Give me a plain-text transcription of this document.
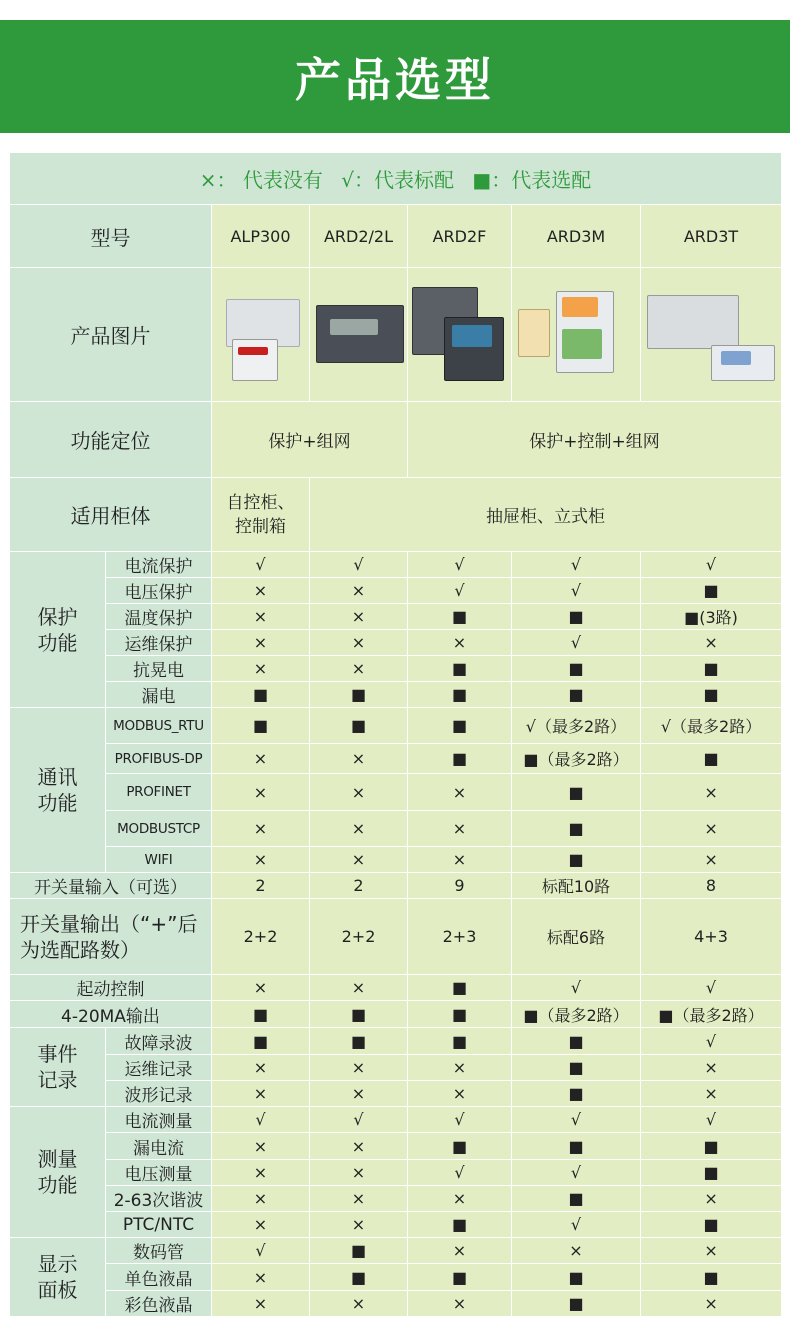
产品选型
×： 代表没有 √：代表标配 ■：代表选配						
型号		ALP300	ARD2/2L	ARD2F	ARD3M	ARD3T
产品图片		

功能定位		保护+组网		保护+控制+组网		
适用柜体		自控柜、控制箱	抽屉柜、立式柜			
保护功能	电流保护	√	√	√	√	√
	电压保护	×	×	√	√	■
	温度保护	×	×	■	■	■(3路)
	运维保护	×	×	×	√	×
	抗晃电	×	×	■	■	■
	漏电	■	■	■	■	■
通讯功能	MODBUS_RTU	■	■	■	√（最多2路）	√（最多2路）
	PROFIBUS-DP	×	×	■	■（最多2路）	■
	PROFINET	×	×	×	■	×
	MODBUSTCP	×	×	×	■	×
	WIFI	×	×	×	■	×
开关量输入（可选）		2	2	9	标配10路	8
开关量输出（“+”后为选配路数）		2+2	2+2	2+3	标配6路	4+3
起动控制		×	×	■	√	√
4-20MA输出		■	■	■	■（最多2路）	■（最多2路）
事件记录	故障录波	■	■	■	■	√
	运维记录	×	×	×	■	×
	波形记录	×	×	×	■	×
测量功能	电流测量	√	√	√	√	√
	漏电流	×	×	■	■	■
	电压测量	×	×	√	√	■
	2-63次谐波	×	×	×	■	×
	PTC/NTC	×	×	■	√	■
显示面板	数码管	√	■	×	×	×
	单色液晶	×	■	■	■	■
	彩色液晶	×	×	×	■	×
